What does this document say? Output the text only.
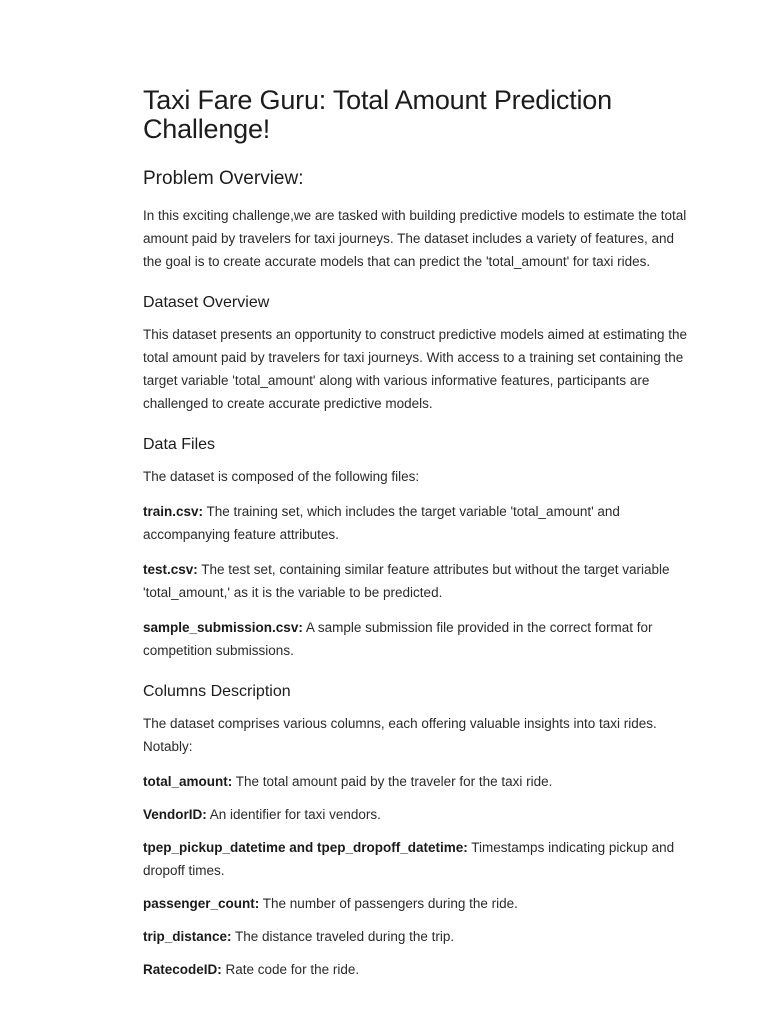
Taxi Fare Guru: Total Amount Prediction Challenge!
Problem Overview:

In this exciting challenge,we are tasked with building predictive models to estimate the total amount paid by travelers for taxi journeys. The dataset includes a variety of features, and the goal is to create accurate models that can predict the 'total_amount' for taxi rides.

Dataset Overview

This dataset presents an opportunity to construct predictive models aimed at estimating the total amount paid by travelers for taxi journeys. With access to a training set containing the target variable 'total_amount' along with various informative features, participants are challenged to create accurate predictive models.

Data Files

The dataset is composed of the following files:

train.csv: The training set, which includes the target variable 'total_amount' and accompanying feature attributes.

test.csv: The test set, containing similar feature attributes but without the target variable 'total_amount,' as it is the variable to be predicted.

sample_submission.csv: A sample submission file provided in the correct format for competition submissions.

Columns Description

The dataset comprises various columns, each offering valuable insights into taxi rides. Notably:

total_amount: The total amount paid by the traveler for the taxi ride.

VendorID: An identifier for taxi vendors.

tpep_pickup_datetime and tpep_dropoff_datetime: Timestamps indicating pickup and dropoff times.

passenger_count: The number of passengers during the ride.

trip_distance: The distance traveled during the trip.

RatecodeID: Rate code for the ride.
